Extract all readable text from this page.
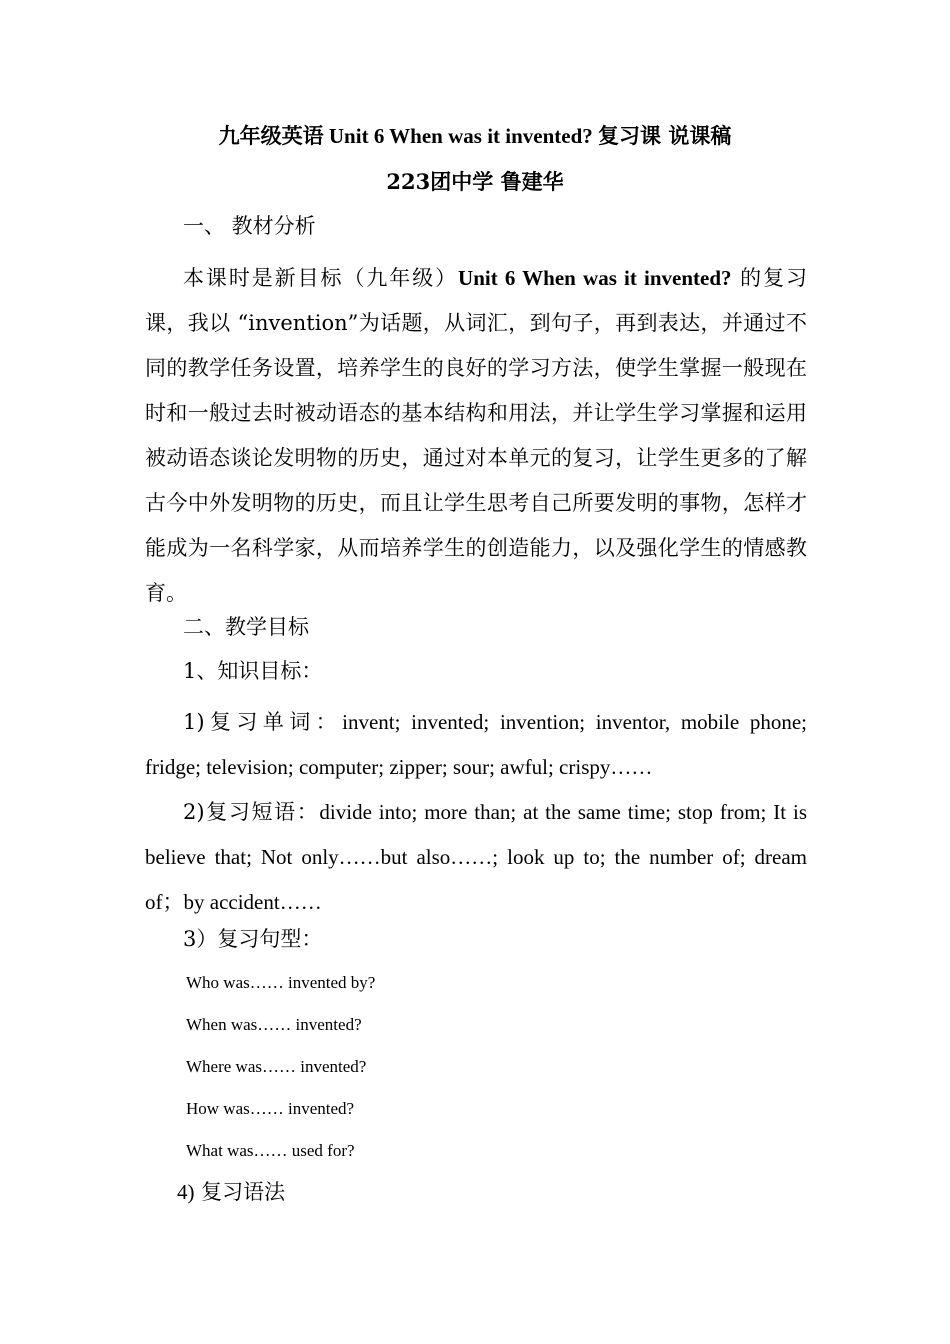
九年级英语 Unit 6 When was it invented? 复习课 说课稿
223团中学 鲁建华
一、 教材分析

本课时是新目标（九年级）Unit 6 When was it invented? 的复习课，我以 “invention”为话题，从词汇，到句子，再到表达，并通过不同的教学任务设置，培养学生的良好的学习方法，使学生掌握一般现在时和一般过去时被动语态的基本结构和用法，并让学生学习掌握和运用被动语态谈论发明物的历史，通过对本单元的复习，让学生更多的了解古今中外发明物的历史，而且让学生思考自己所要发明的事物，怎样才能成为一名科学家，从而培养学生的创造能力，以及强化学生的情感教育。

二、教学目标
1、知识目标：

1)复习单词：invent; invented; invention; inventor, mobile phone; fridge; television; computer; zipper; sour; awful; crispy……

2)复习短语：divide into; more than; at the same time; stop from; It is believe that; Not only……but also……; look up to; the number of; dream of；by accident……

3）复习句型：
Who was…… invented by?
When was…… invented?
Where was…… invented?
How was…… invented?
What was…… used for?
4) 复习语法
